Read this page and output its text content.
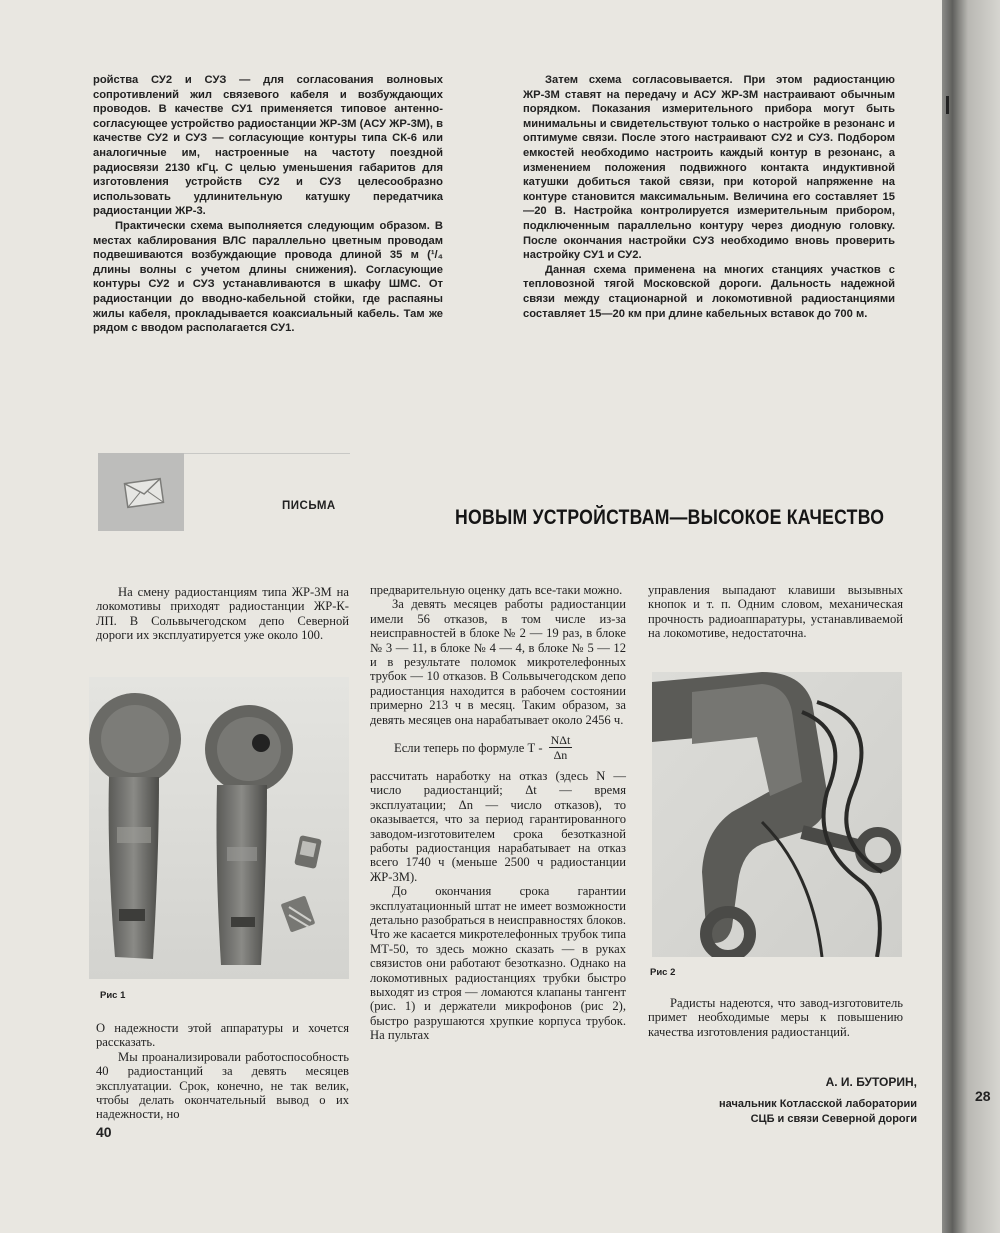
28

ройства СУ2 и СУЗ — для согласования волновых сопротивлений жил связевого кабеля и возбуждающих проводов. В качестве СУ1 применяется типовое антенно-согласующее устройство радиостанции ЖР-3М (АСУ ЖР-3М), в качестве СУ2 и СУЗ — согласующие контуры типа СК-6 или аналогичные им, настроенные на частоту поездной радиосвязи 2130 кГц. С целью уменьшения габаритов для изготовления устройств СУ2 и СУЗ целесообразно использовать удлинительную катушку передатчика радиостанции ЖР-3.

Практически схема выполняется следующим образом. В местах каблирования ВЛС параллельно цветным проводам подвешиваются возбуждающие провода длиной 35 м (¹/₄ длины волны с учетом длины снижения). Согласующие контуры СУ2 и СУЗ устанавливаются в шкафу ШМС. От радиостанции до вводно-кабельной стойки, где распаяны жилы кабеля, прокладывается коаксиальный кабель. Там же рядом с вводом располагается СУ1.

Затем схема согласовывается. При этом радиостанцию ЖР-3М ставят на передачу и АСУ ЖР-3М настраивают обычным порядком. Показания измерительного прибора могут быть минимальны и свидетельствуют только о настройке в резонанс и оптимуме связи. После этого настраивают СУ2 и СУЗ. Подбором емкостей необходимо настроить каждый контур в резонанс, а изменением положения подвижного контакта индуктивной катушки добиться такой связи, при которой напряженне на контуре становится максимальным. Величина его составляет 15—20 В. Настройка контролируется измерительным прибором, подключенным параллельно контуру через диодную головку. После окончания настройки СУЗ необходимо вновь проверить настройку СУ1 и СУ2.

Данная схема применена на многих станциях участков с тепловозной тягой Московской дороги. Дальность надежной связи между стационарной и локомотивной радиостанциями составляет 15—20 км при длине кабельных вставок до 700 м.

ПИСЬМА	НОВЫМ УСТРОЙСТВАМ—ВЫСОКОЕ КАЧЕСТВО

На смену радиостанциям типа ЖР-3М на локомотивы приходят радиостанции ЖР-К-ЛП. В Сольвычегодском депо Северной дороги их эксплуатируется уже около 100.

Рис 1

О надежности этой аппаратуры и хочется рассказать.

Мы проанализировали работоспособность 40 радиостанций за девять месяцев эксплуатации. Срок, конечно, не так велик, чтобы делать окончательный вывод о их надежности, но

40

предварительную оценку дать все-таки можно.

За девять месяцев работы радиостанции имели 56 отказов, в том числе из-за неисправностей в блоке № 2 — 19 раз, в блоке № 3 — 11, в блоке № 4 — 4, в блоке № 5 — 12 и в результате поломок микротелефонных трубок — 10 отказов. В Сольвычегодском депо радиостанция находится в рабочем состоянии примерно 213 ч в месяц. Таким образом, за девять месяцев она нарабатывает около 2456 ч.

Если теперь по формуле Т - $\frac{\text{NΔt}}{\Delta n}$

рассчитать наработку на отказ (здесь N — число радиостанций; Δt — время эксплуатации; Δn — число отказов), то оказывается, что за период гарантированного заводом-изготовителем срока безотказной работы радиостанция нарабатывает на отказ всего 1740 ч (меньше 2500 ч радиостанции ЖР-3М).

До окончания срока гарантии эксплуатационный штат не имеет возможности детально разобраться в неисправностях блоков. Что же касается микротелефонных трубок типа МТ-50, то здесь можно сказать — в руках связистов они работают безотказно. Однако на локомотивных радиостанциях трубки быстро выходят из строя — ломаются клапаны тангент (рис. 1) и держатели микрофонов (рис 2), быстро разрушаются хрупкие корпуса трубок. На пультах

управления выпадают клавиши вызывных кнопок и т. п. Одним словом, механическая прочность радиоаппаратуры, устанавливаемой на локомотиве, недостаточна.

Рис 2

Радисты надеются, что завод-изготовитель примет необходимые меры к повышению качества изготовления радиостанций.

А. И. БУТОРИН,
начальник Котласской лаборатории
СЦБ и связи Северной дороги
